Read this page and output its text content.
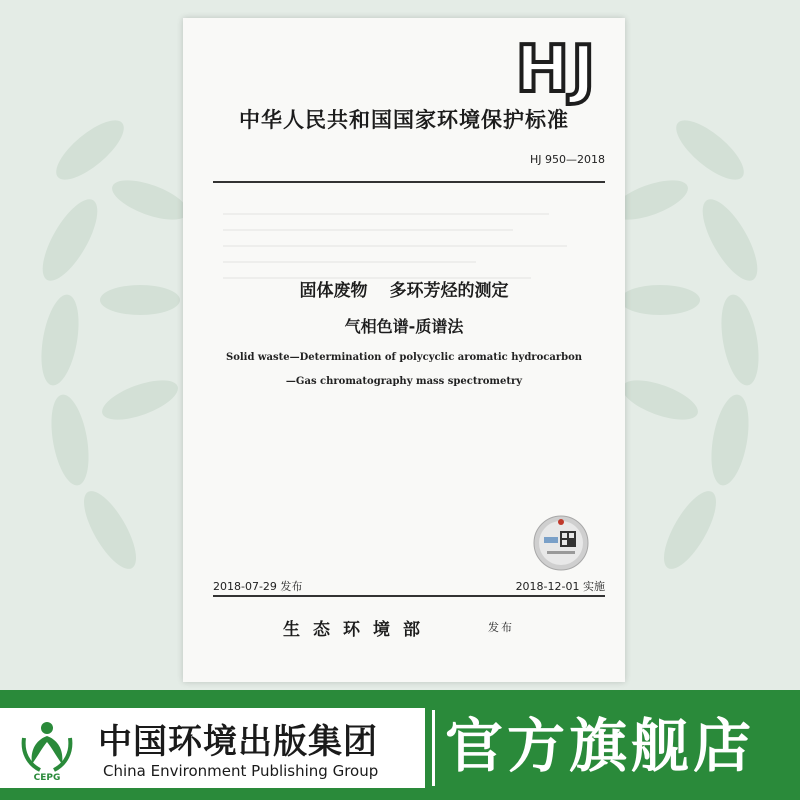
HJ
中华人民共和国国家环境保护标准
HJ 950—2018
固体废物 多环芳烃的测定
气相色谱-质谱法
Solid waste—Determination of polycyclic aromatic hydrocarbon
—Gas chromatography mass spectrometry
2018-07-29 发布	2018-12-01 实施
生态环境部	发布
CEPG
中国环境出版集团
China Environment Publishing Group 官方旗舰店
